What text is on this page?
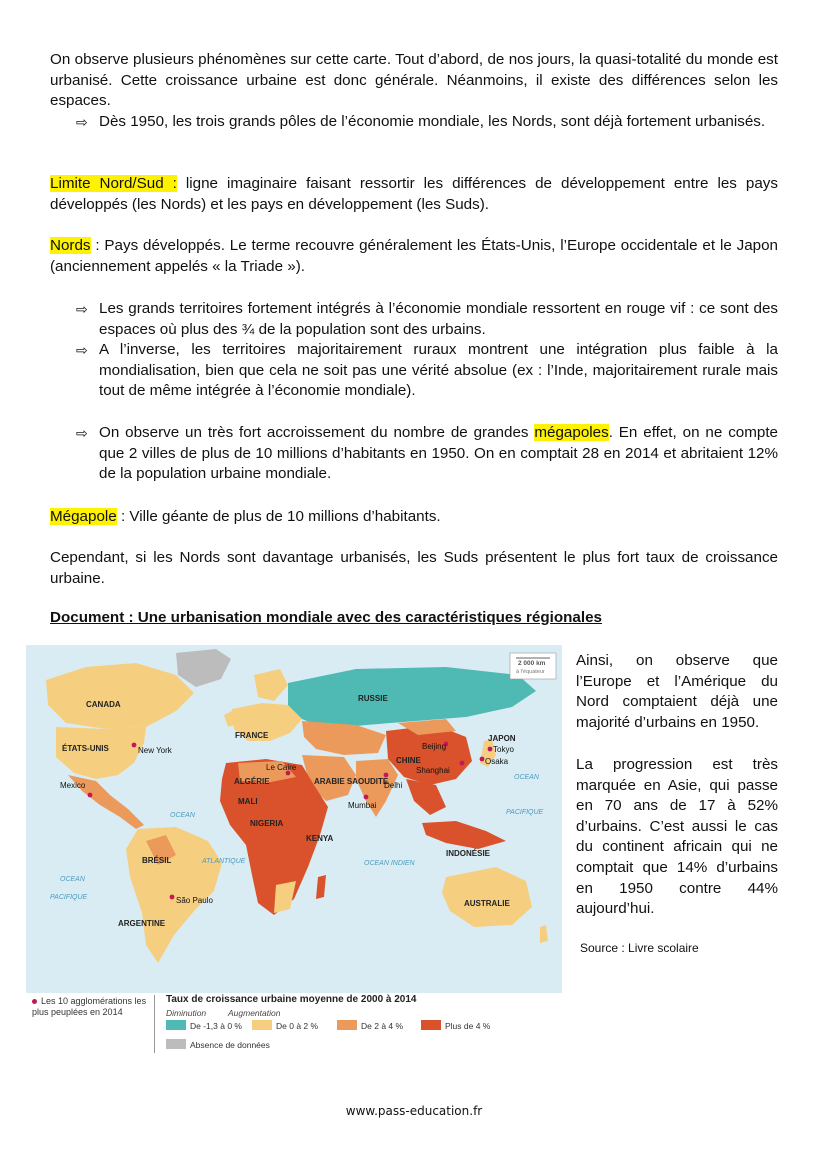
On observe plusieurs phénomènes sur cette carte. Tout d’abord, de nos jours, la quasi-totalité du monde est urbanisé. Cette croissance urbaine est donc générale. Néanmoins, il existe des différences selon les espaces.

⇨ Dès 1950, les trois grands pôles de l’économie mondiale, les Nords, sont déjà fortement urbanisés.

Limite Nord/Sud : ligne imaginaire faisant ressortir les différences de développement entre les pays développés (les Nords) et les pays en développement (les Suds).

Nords : Pays développés. Le terme recouvre généralement les États-Unis, l’Europe occidentale et le Japon (anciennement appelés « la Triade »).

⇨ Les grands territoires fortement intégrés à l’économie mondiale ressortent en rouge vif : ce sont des espaces où plus des ¾ de la population sont des urbains.
⇨ A l’inverse, les territoires majoritairement ruraux montrent une intégration plus faible à la mondialisation, bien que cela ne soit pas une vérité absolue (ex : l’Inde, majoritairement rurale mais tout de même intégrée à l’économie mondiale).
⇨ On observe un très fort accroissement du nombre de grandes mégapoles. En effet, on ne compte que 2 villes de plus de 10 millions d’habitants en 1950. On en comptait 28 en 2014 et abritaient 12% de la population urbaine mondiale.

Mégapole : Ville géante de plus de 10 millions d’habitants.

Cependant, si les Nords sont davantage urbanisés, les Suds présentent le plus fort taux de croissance urbaine.

Document : Une urbanisation mondiale avec des caractéristiques régionales

2 000 km
à l’équateur
CANADA
ÉTATS-UNIS
RUSSIE
FRANCE
ALGÉRIE
MALI
NIGERIA
ARABIE SAOUDITE
CHINE
JAPON
KENYA
INDONÉSIE
BRÉSIL
ARGENTINE
AUSTRALIE
New York
Mexico
Le Caire
Delhi
Mumbai
Beijing
Shanghai
Tokyo
Osaka
São Paulo
OCEAN
ATLANTIQUE	OCEAN INDIEN
OCEAN
PACIFIQUE
OCEAN
PACIFIQUE
Les 10 agglomérations les plus peuplées en 2014
Taux de croissance urbaine moyenne de 2000 à 2014
Diminution	Augmentation
De -1,3 à 0 %	De 0 à 2 %	De 2 à 4 %	Plus de 4 %
Absence de données

Ainsi, on observe que l’Europe et l’Amérique du Nord comptaient déjà une majorité d’urbains en 1950.

La progression est très marquée en Asie, qui passe en 70 ans de 17 à 52% d’urbains. C’est aussi le cas du continent africain qui ne comptait que 14% d’urbains en 1950 contre 44% aujourd’hui.

Source : Livre scolaire
www.pass-education.fr
